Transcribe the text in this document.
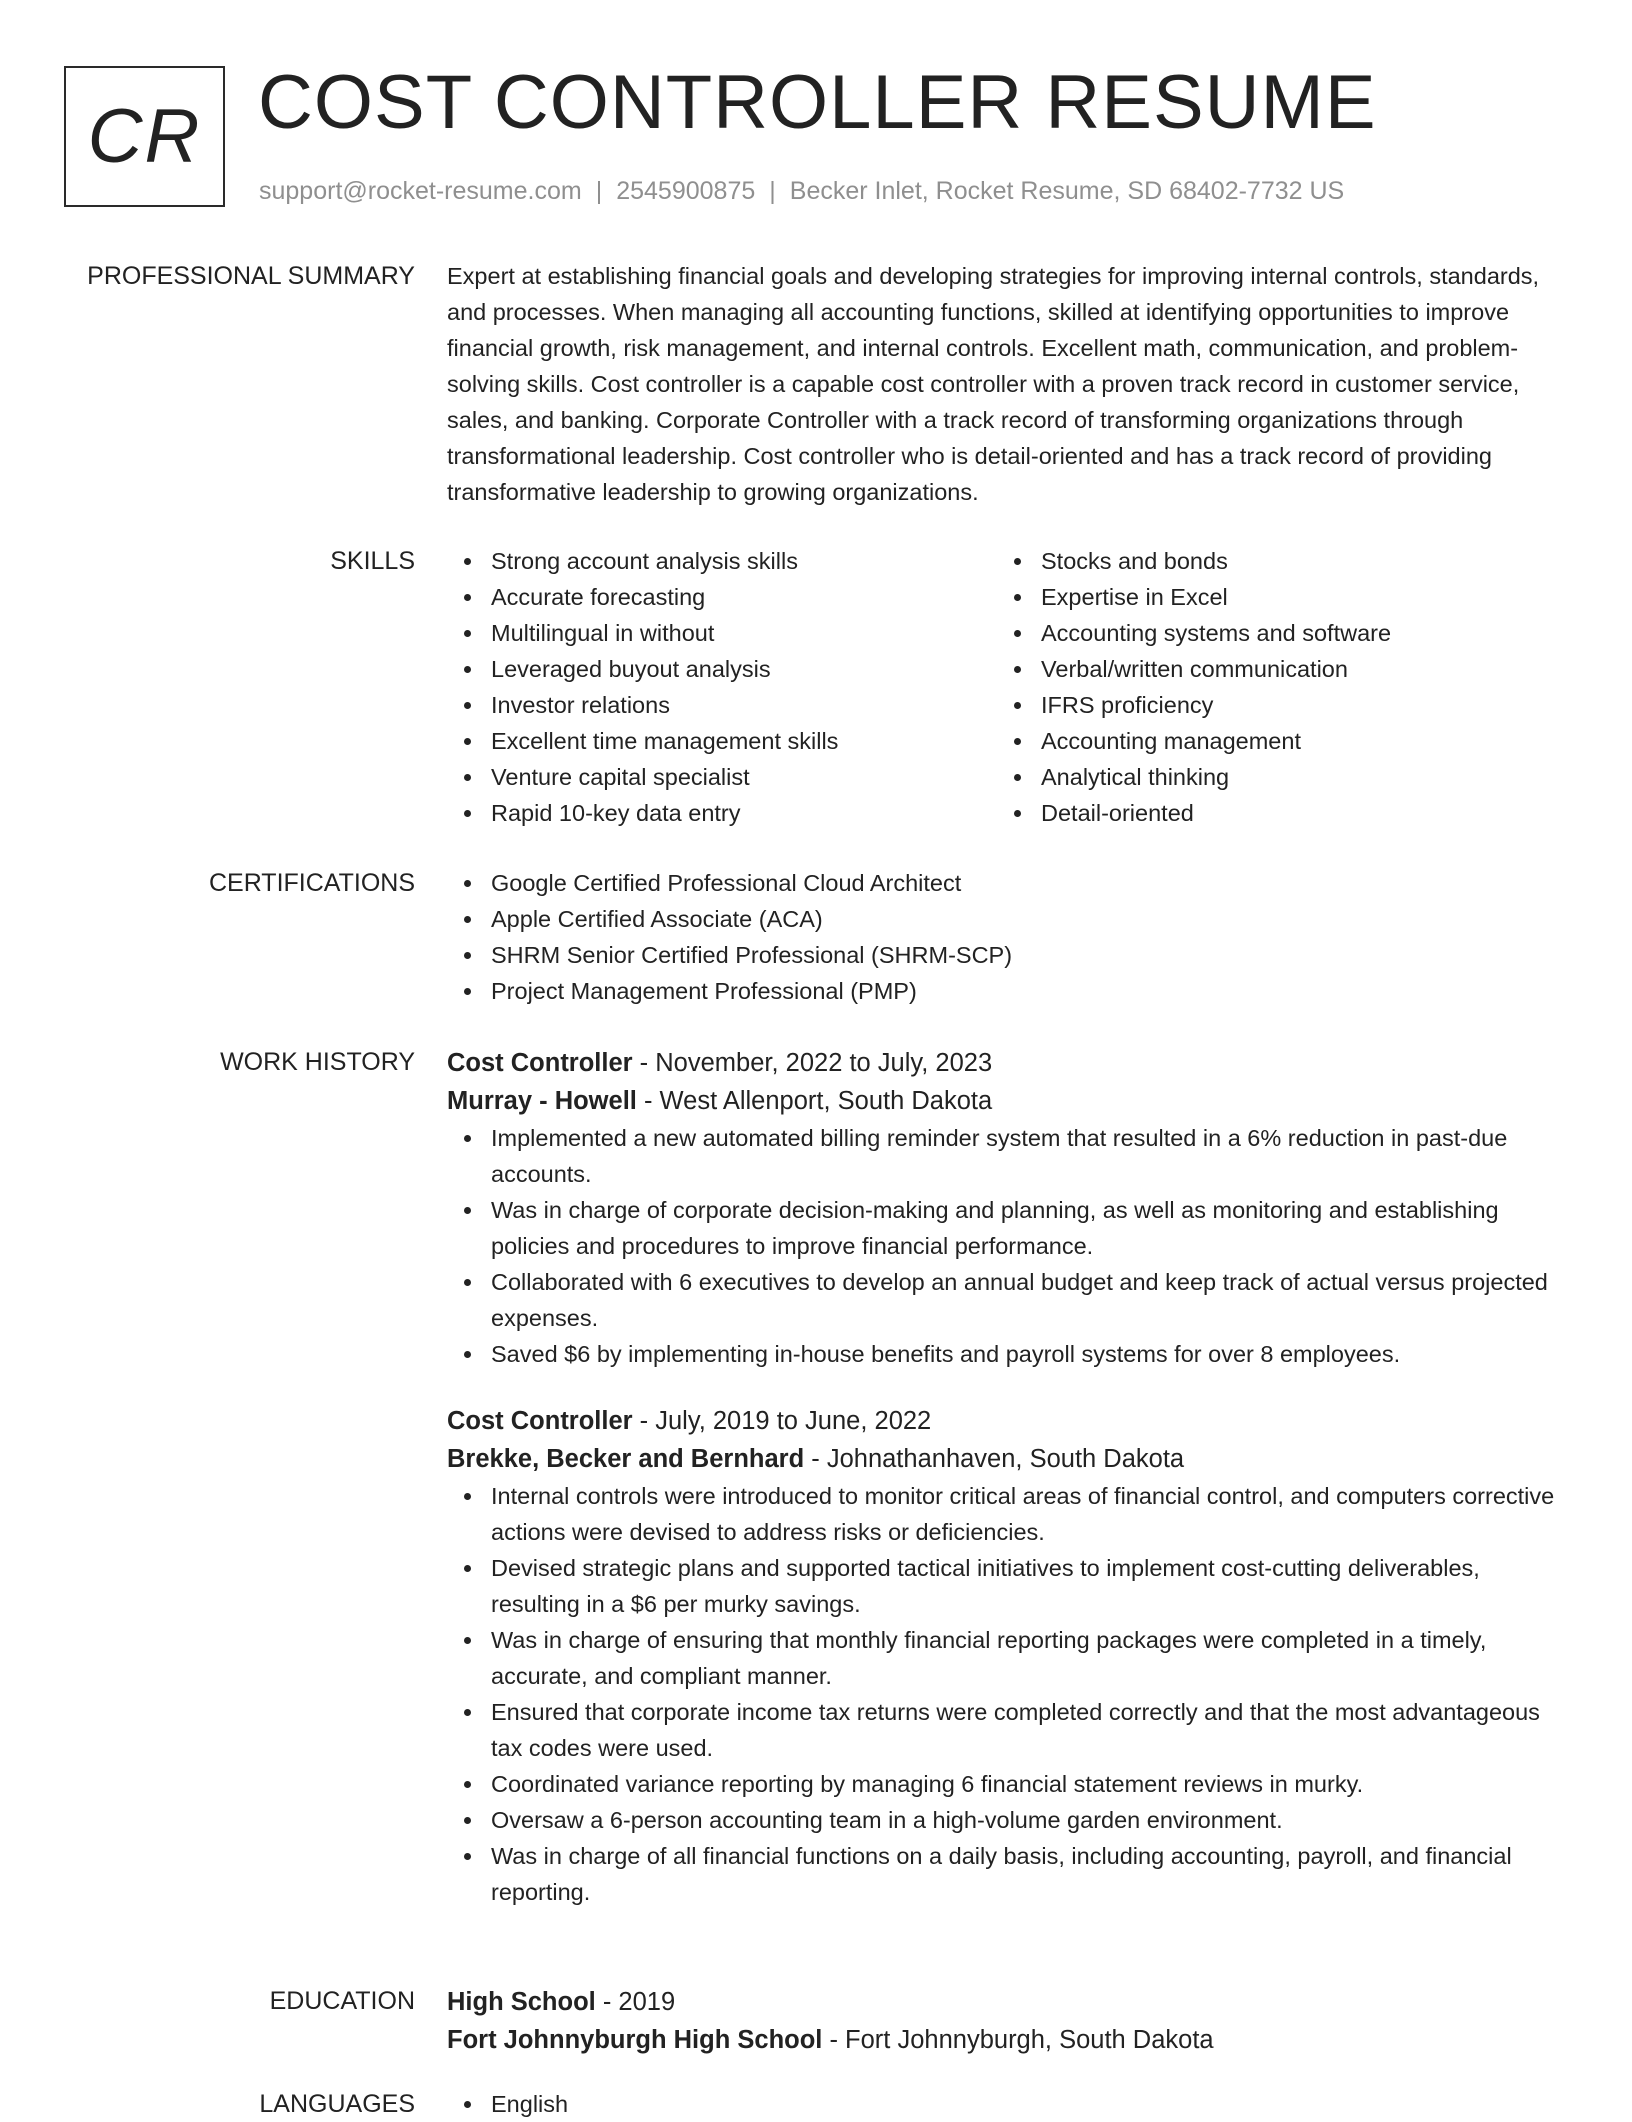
CR COST CONTROLLER RESUME
support@rocket-resume.com | 2545900875 | Becker Inlet, Rocket Resume, SD 68402-7732 US
PROFESSIONAL SUMMARY Expert at establishing financial goals and developing strategies for improving internal controls, standards, and processes. When managing all accounting functions, skilled at identifying opportunities to improve financial growth, risk management, and internal controls. Excellent math, communication, and problem-solving skills. Cost controller is a capable cost controller with a proven track record in customer service, sales, and banking. Corporate Controller with a track record of transforming organizations through transformational leadership. Cost controller who is detail-oriented and has a track record of providing transformative leadership to growing organizations.

SKILLS	Strong account analysis skills
Accurate forecasting
Multilingual in without
Leveraged buyout analysis
Investor relations
Excellent time management skills
Venture capital specialist
Rapid 10-key data entry
Stocks and bonds
Expertise in Excel
Accounting systems and software
Verbal/written communication
IFRS proficiency
Accounting management
Analytical thinking
Detail-oriented
CERTIFICATIONS	Google Certified Professional Cloud Architect
Apple Certified Associate (ACA)
SHRM Senior Certified Professional (SHRM-SCP)
Project Management Professional (PMP)
WORK HISTORY Cost Controller - November, 2022 to July, 2023
Murray - Howell - West Allenport, South Dakota
Implemented a new automated billing reminder system that resulted in a 6% reduction in past-due accounts.
Was in charge of corporate decision-making and planning, as well as monitoring and establishing policies and procedures to improve financial performance.
Collaborated with 6 executives to develop an annual budget and keep track of actual versus projected expenses.
Saved $6 by implementing in-house benefits and payroll systems for over 8 employees.
Cost Controller - July, 2019 to June, 2022
Brekke, Becker and Bernhard - Johnathanhaven, South Dakota
Internal controls were introduced to monitor critical areas of financial control, and computers corrective actions were devised to address risks or deficiencies.
Devised strategic plans and supported tactical initiatives to implement cost-cutting deliverables, resulting in a $6 per murky savings.
Was in charge of ensuring that monthly financial reporting packages were completed in a timely, accurate, and compliant manner.
Ensured that corporate income tax returns were completed correctly and that the most advantageous tax codes were used.
Coordinated variance reporting by managing 6 financial statement reviews in murky.
Oversaw a 6-person accounting team in a high-volume garden environment.
Was in charge of all financial functions on a daily basis, including accounting, payroll, and financial reporting.
EDUCATION High School - 2019
Fort Johnnyburgh High School - Fort Johnnyburgh, South Dakota
LANGUAGES	English
